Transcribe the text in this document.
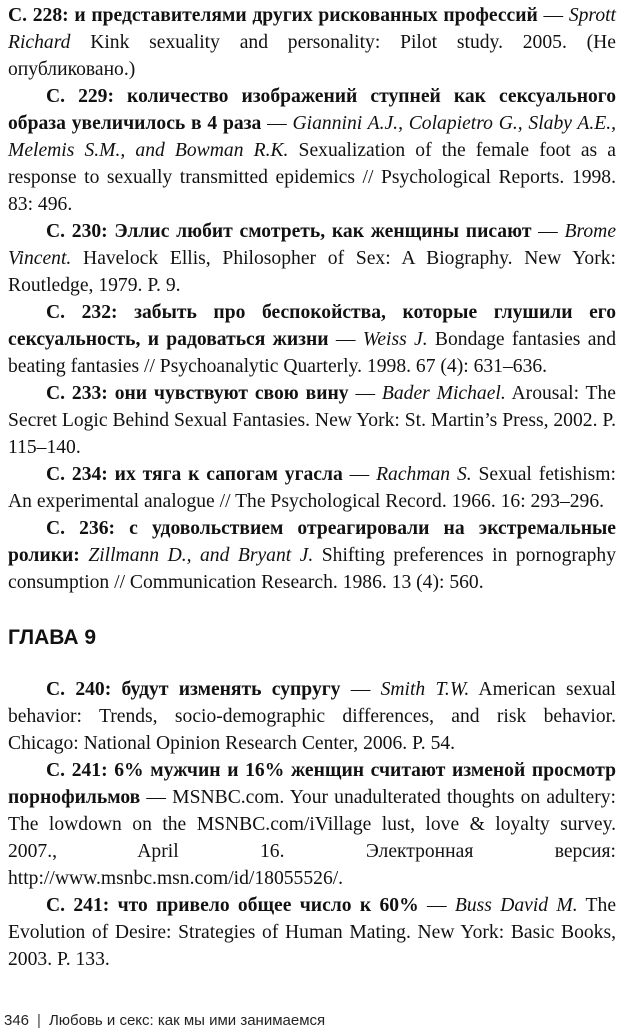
С. 228: и представителями других рискованных профессий — Sprott Richard Kink sexuality and personality: Pilot study. 2005. (Не опубликовано.)

С. 229: количество изображений ступней как сексуального образа увеличилось в 4 раза — Giannini A.J., Colapietro G., Slaby A.E., Melemis S.M., and Bowman R.K. Sexualization of the female foot as a response to sexually transmitted epidemics // Psychological Reports. 1998. 83: 496.

С. 230: Эллис любит смотреть, как женщины писают — Brome Vincent. Havelock Ellis, Philosopher of Sex: A Biography. New York: Routledge, 1979. P. 9.

С. 232: забыть про беспокойства, которые глушили его сексуальность, и радоваться жизни — Weiss J. Bondage fantasies and beating fantasies // Psychoanalytic Quarterly. 1998. 67 (4): 631–636.

С. 233: они чувствуют свою вину — Bader Michael. Arousal: The Secret Logic Behind Sexual Fantasies. New York: St. Martin’s Press, 2002. P. 115–140.

С. 234: их тяга к сапогам угасла — Rachman S. Sexual fetishism: An experimental analogue // The Psychological Record. 1966. 16: 293–296.

С. 236: с удовольствием отреагировали на экстремальные ролики: Zillmann D., and Bryant J. Shifting preferences in pornography consumption // Communication Research. 1986. 13 (4): 560.

ГЛАВА 9

С. 240: будут изменять супругу — Smith T.W. American sexual behavior: Trends, socio-demographic differences, and risk behavior. Chicago: National Opinion Research Center, 2006. P. 54.

С. 241: 6% мужчин и 16% женщин считают изменой просмотр порнофильмов — MSNBC.com. Your unadulterated thoughts on adultery: The lowdown on the MSNBC.com/iVillage lust, love & loyalty survey. 2007., April 16. Электронная версия: http://www.msnbc.msn.com/id/18055526/.

С. 241: что привело общее число к 60% — Buss David M. The Evolution of Desire: Strategies of Human Mating. New York: Basic Books, 2003. P. 133.

346 | Любовь и секс: как мы ими занимаемся
